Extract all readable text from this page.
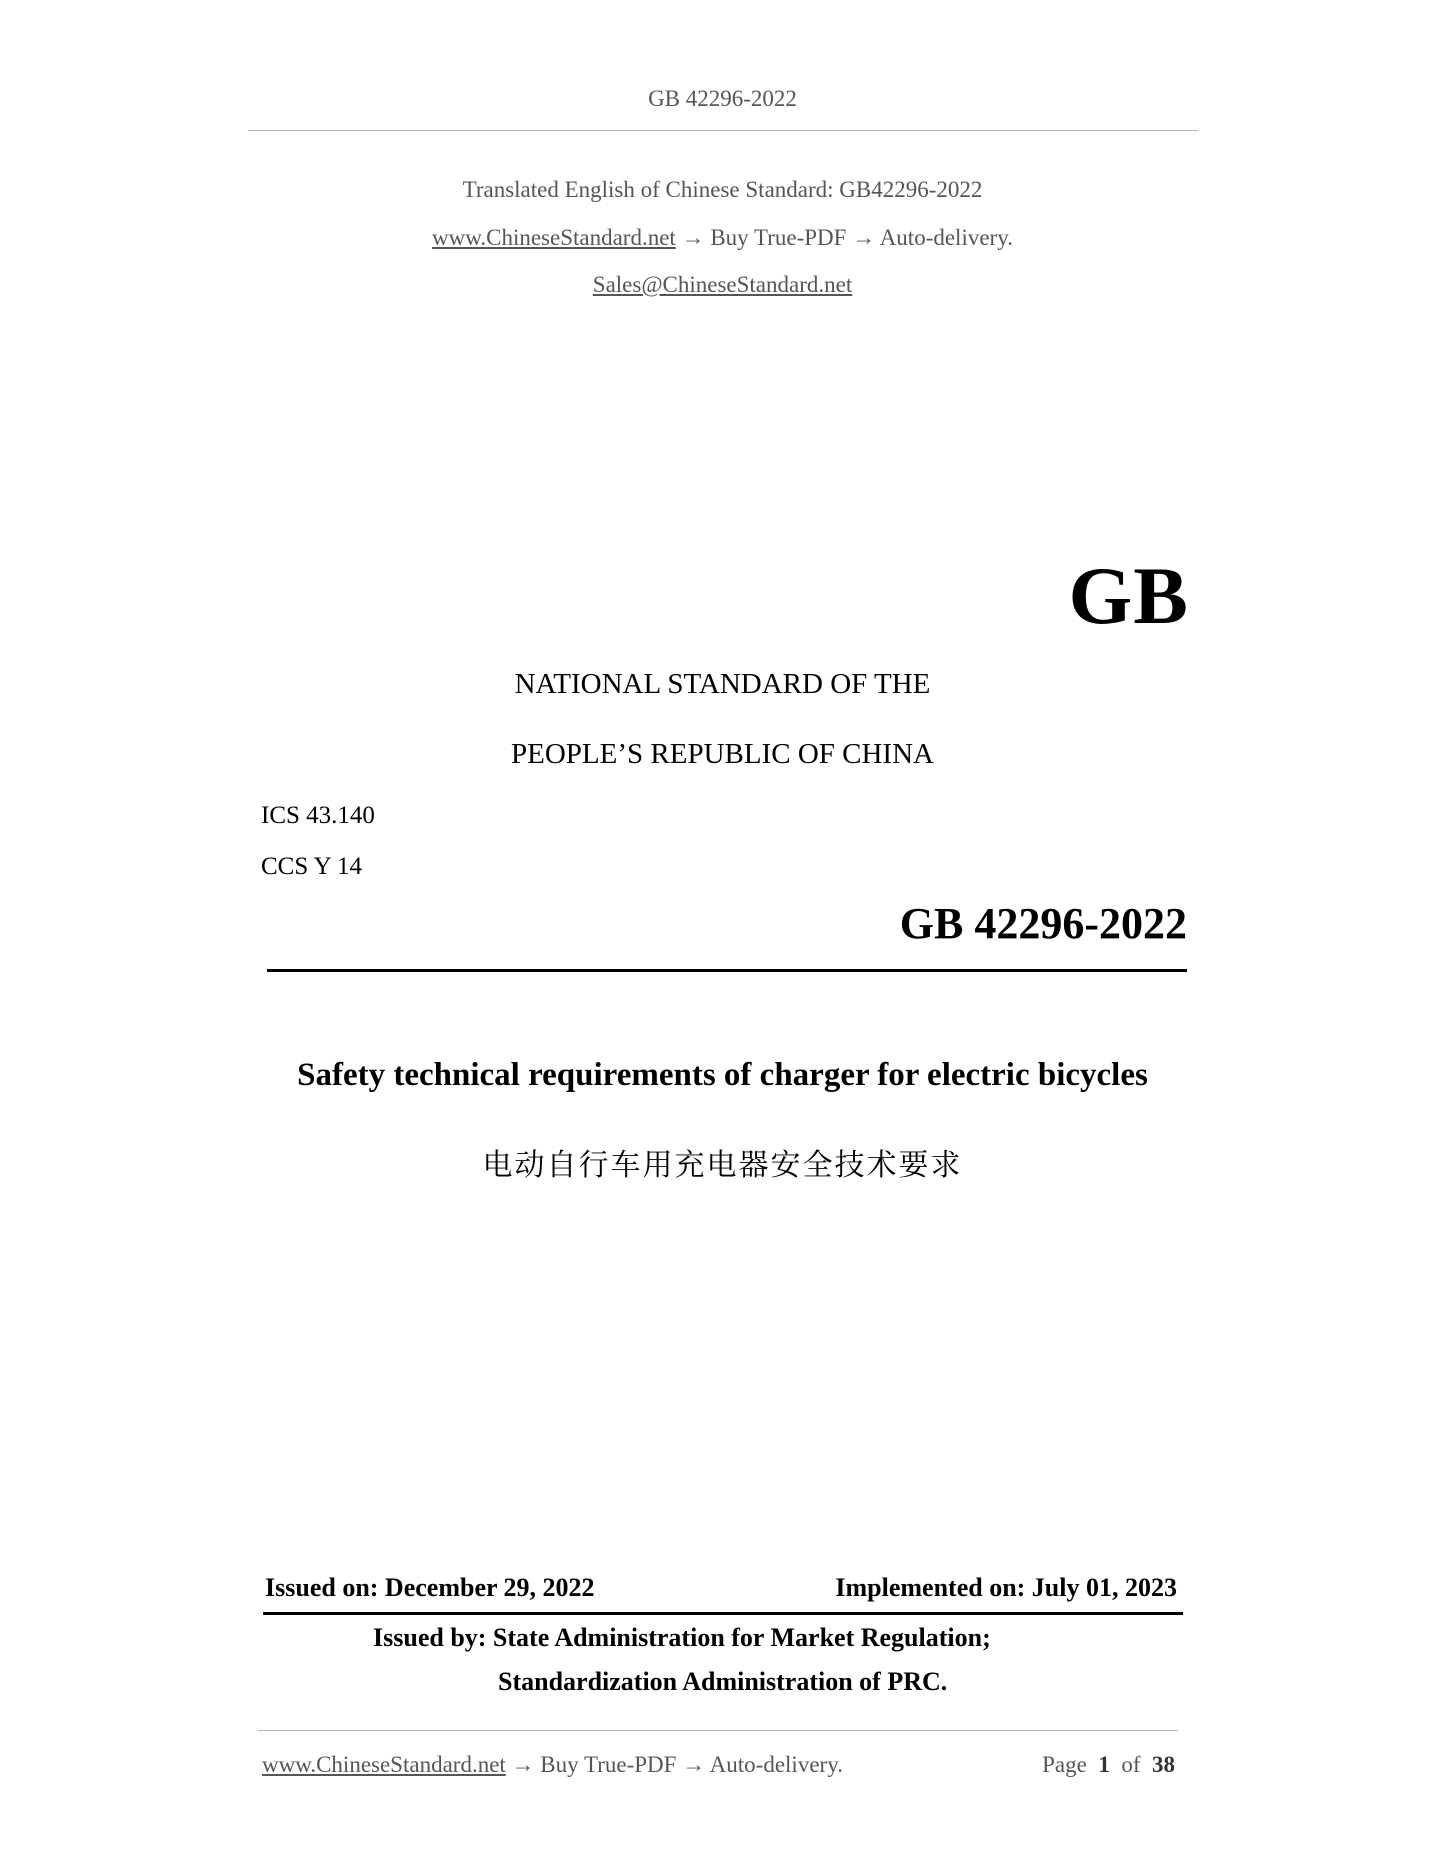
GB 42296-2022
Translated English of Chinese Standard: GB42296-2022
www.ChineseStandard.net → Buy True-PDF → Auto-delivery.
Sales@ChineseStandard.net
GB
NATIONAL STANDARD OF THE
PEOPLE’S REPUBLIC OF CHINA
ICS 43.140
CCS Y 14
GB 42296-2022
Safety technical requirements of charger for electric bicycles
电动自行车用充电器安全技术要求
Issued on: December 29, 2022	Implemented on: July 01, 2023
Issued by: State Administration for Market Regulation;
Standardization Administration of PRC.
www.ChineseStandard.net → Buy True-PDF → Auto-delivery.	Page 1 of 38
